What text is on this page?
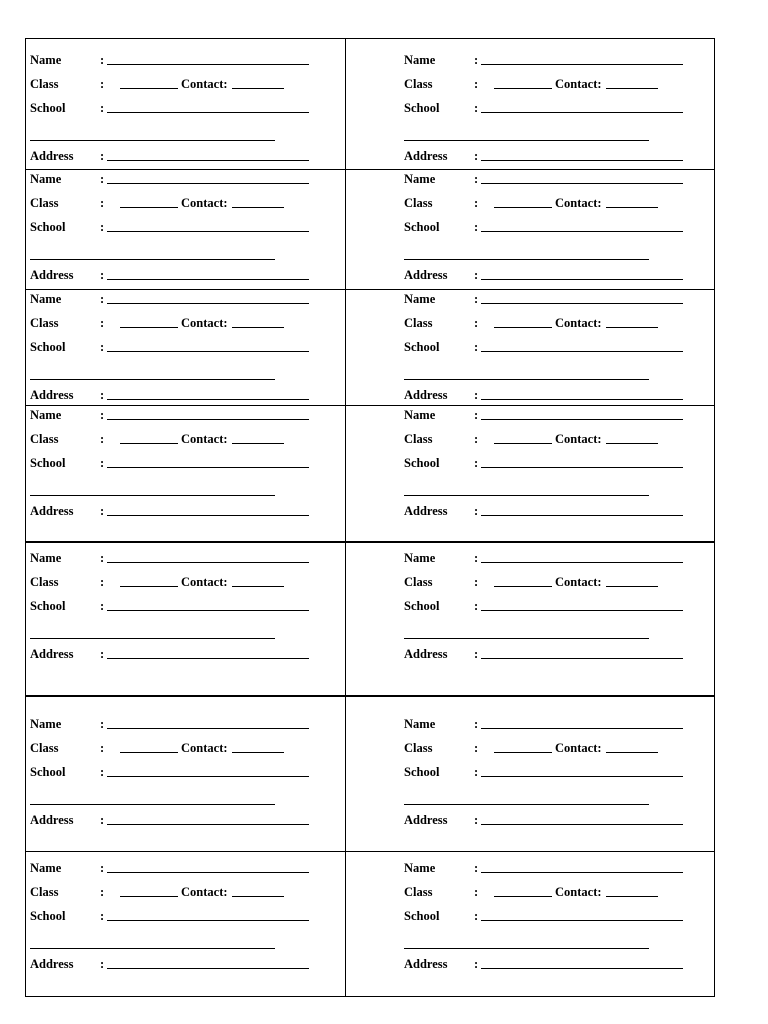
Name	:
Class	:	Contact:
School	:
Address :
Name	:
Class	:	Contact:
School	:
Address :
Name	:
Class	:	Contact:
School	:
Address :
Name	:
Class	:	Contact:
School	:
Address :
Name	:
Class	:	Contact:
School	:
Address :
Name	:
Class	:	Contact:
School	:
Address :
Name	:
Class	:	Contact:
School	:
Address :
Name	:
Class	:	Contact:
School	:
Address :
Name	:
Class	:	Contact:
School	:
Address :
Name	:
Class	:	Contact:
School	:
Address :
Name	:
Class	:	Contact:
School	:
Address :
Name	:
Class	:	Contact:
School	:
Address :
Name	:
Class	:	Contact:
School	:
Address :
Name	:
Class	:	Contact:
School	:
Address :
